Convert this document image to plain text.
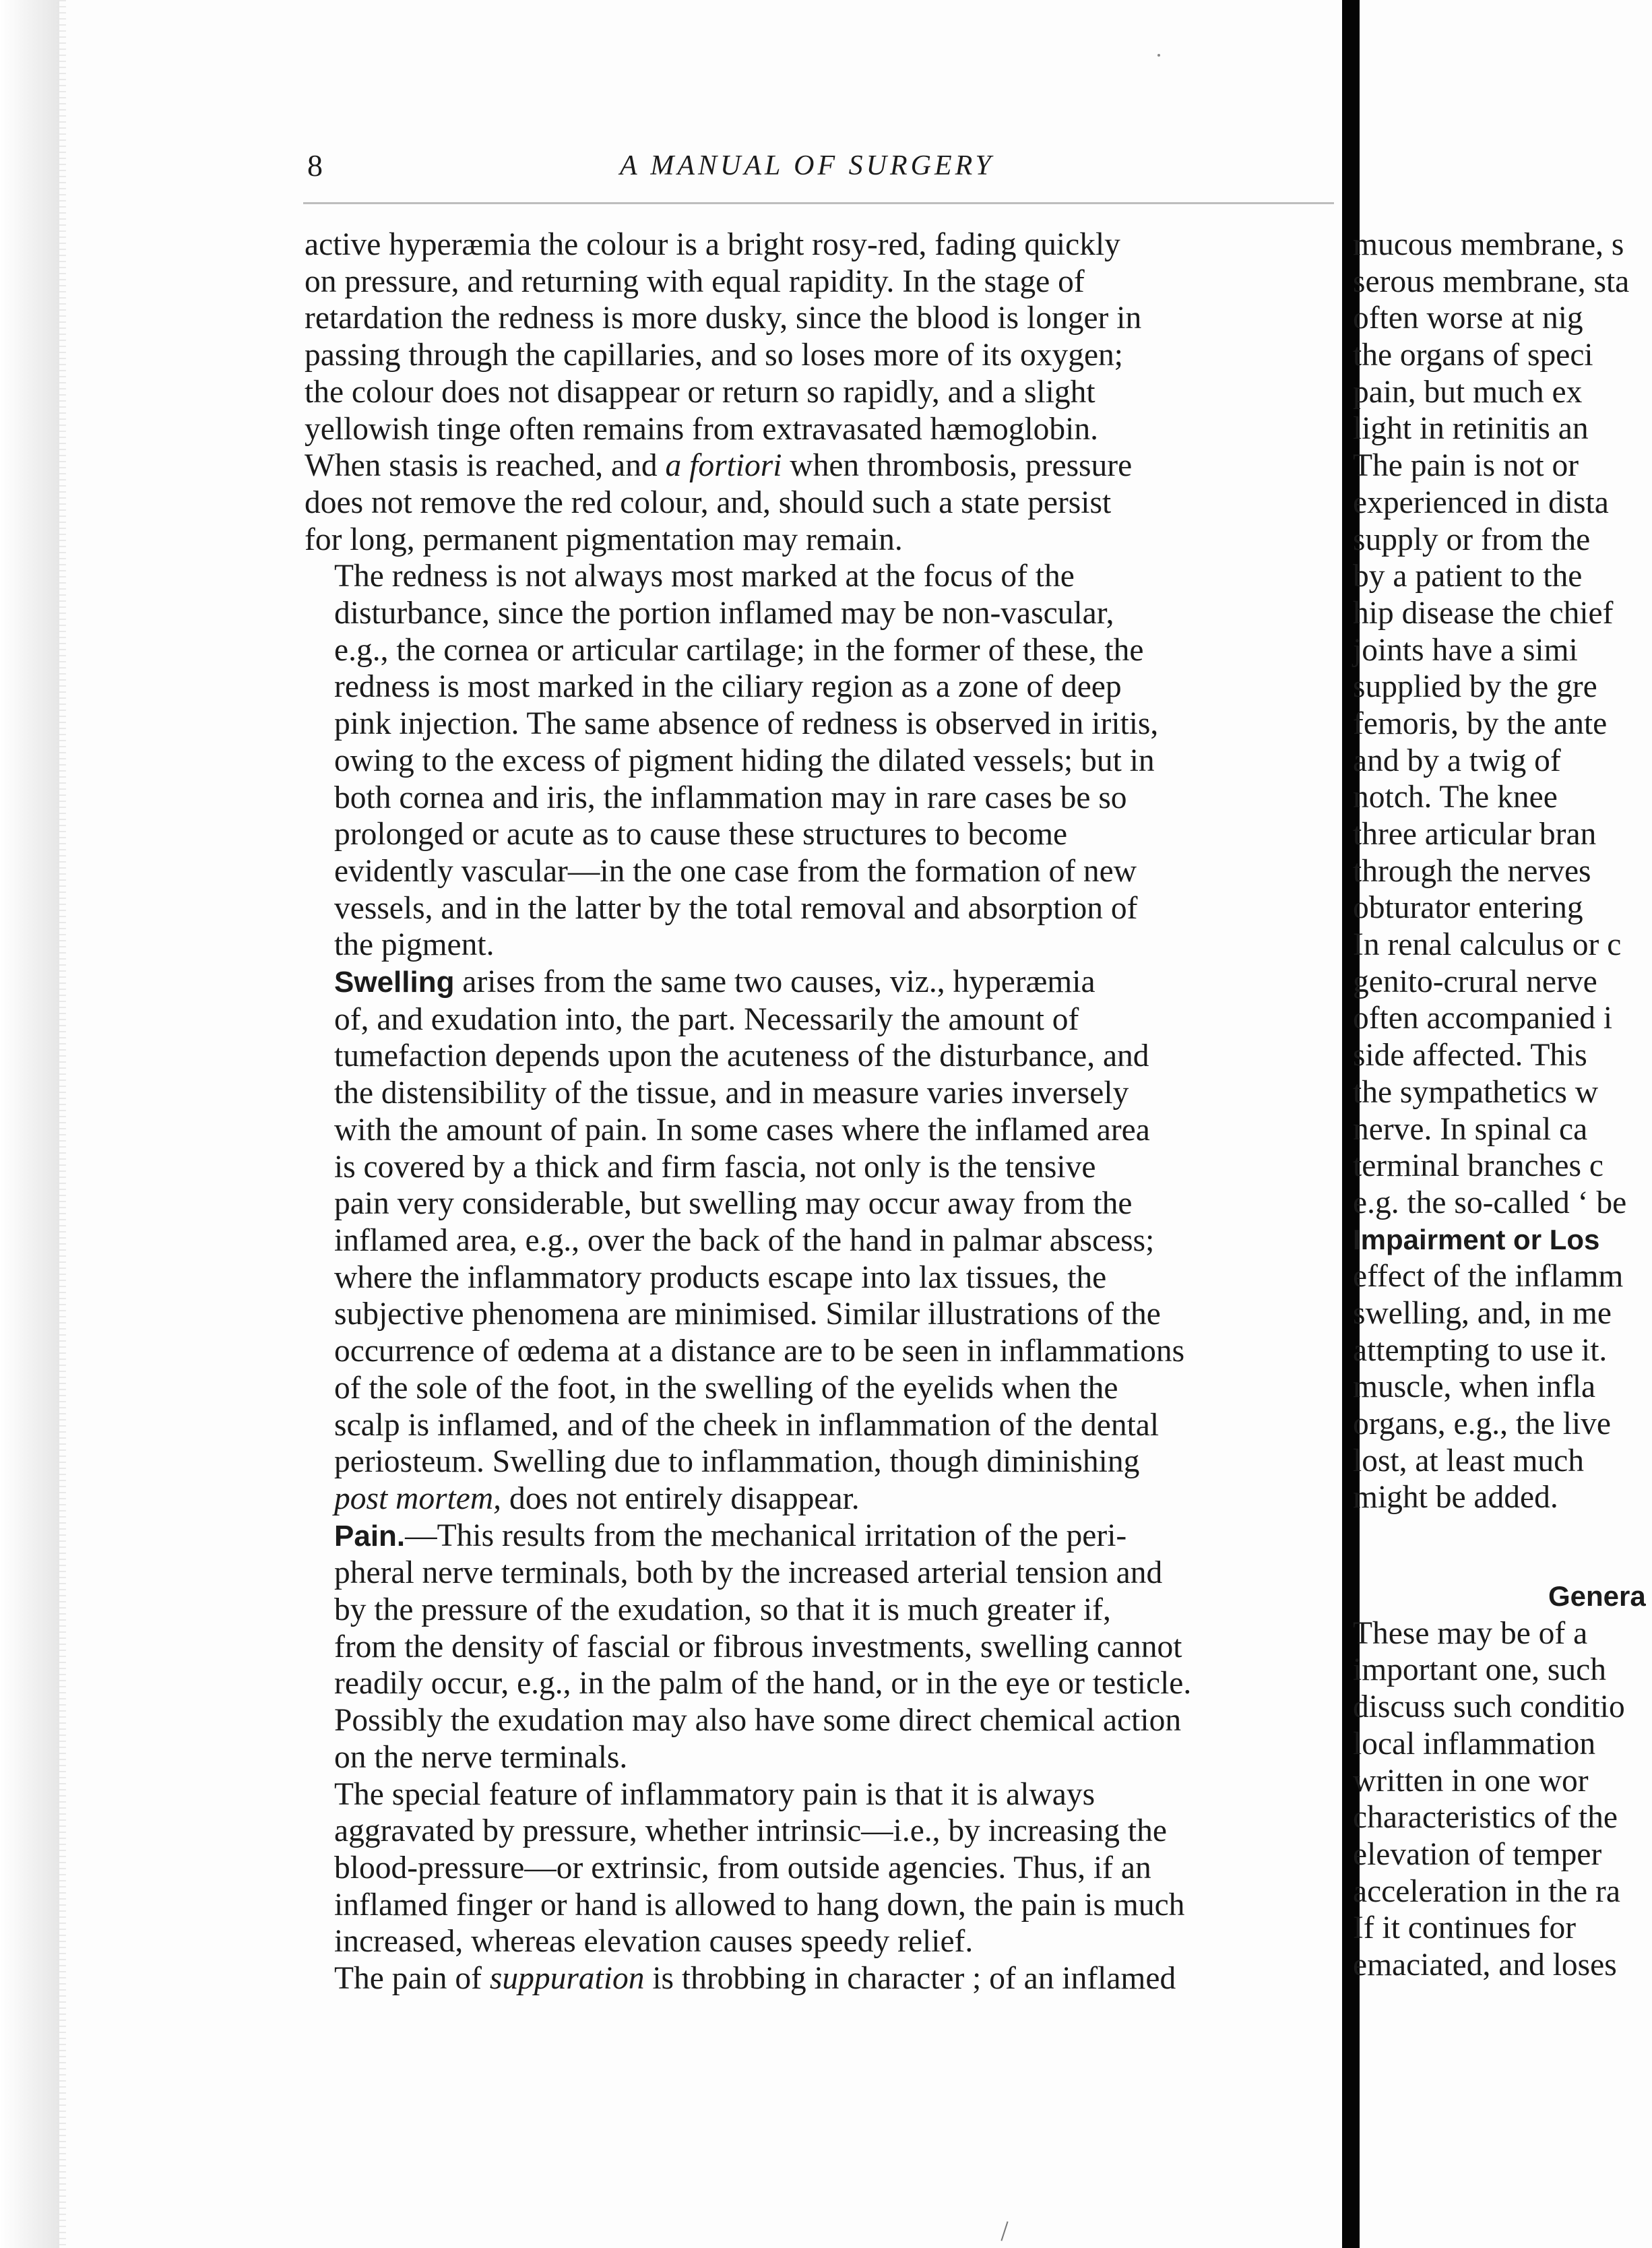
8	A MANUAL OF SURGERY

active hyperæmia the colour is a bright rosy-red, fading quickly
on pressure, and returning with equal rapidity. In the stage of
retardation the redness is more dusky, since the blood is longer in
passing through the capillaries, and so loses more of its oxygen;
the colour does not disappear or return so rapidly, and a slight
yellowish tinge often remains from extravasated hæmoglobin.
When stasis is reached, and a fortiori when thrombosis, pressure
does not remove the red colour, and, should such a state persist
for long, permanent pigmentation may remain.

The redness is not always most marked at the focus of the
disturbance, since the portion inflamed may be non-vascular,
e.g., the cornea or articular cartilage; in the former of these, the
redness is most marked in the ciliary region as a zone of deep
pink injection. The same absence of redness is observed in iritis,
owing to the excess of pigment hiding the dilated vessels; but in
both cornea and iris, the inflammation may in rare cases be so
prolonged or acute as to cause these structures to become
evidently vascular—in the one case from the formation of new
vessels, and in the latter by the total removal and absorption of
the pigment.

Swelling arises from the same two causes, viz., hyperæmia
of, and exudation into, the part. Necessarily the amount of
tumefaction depends upon the acuteness of the disturbance, and
the distensibility of the tissue, and in measure varies inversely
with the amount of pain. In some cases where the inflamed area
is covered by a thick and firm fascia, not only is the tensive
pain very considerable, but swelling may occur away from the
inflamed area, e.g., over the back of the hand in palmar abscess;
where the inflammatory products escape into lax tissues, the
subjective phenomena are minimised. Similar illustrations of the
occurrence of œdema at a distance are to be seen in inflammations
of the sole of the foot, in the swelling of the eyelids when the
scalp is inflamed, and of the cheek in inflammation of the dental
periosteum. Swelling due to inflammation, though diminishing
post mortem, does not entirely disappear.

Pain.—This results from the mechanical irritation of the peri-
pheral nerve terminals, both by the increased arterial tension and
by the pressure of the exudation, so that it is much greater if,
from the density of fascial or fibrous investments, swelling cannot
readily occur, e.g., in the palm of the hand, or in the eye or testicle.
Possibly the exudation may also have some direct chemical action
on the nerve terminals.

The special feature of inflammatory pain is that it is always
aggravated by pressure, whether intrinsic—i.e., by increasing the
blood-pressure—or extrinsic, from outside agencies. Thus, if an
inflamed finger or hand is allowed to hang down, the pain is much
increased, whereas elevation causes speedy relief.

The pain of suppuration is throbbing in character ; of an inflamed

mucous membrane, s
serous membrane, sta
often worse at nig
the organs of speci
pain, but much ex
light in retinitis an
The pain is not or
experienced in dista
supply or from the
by a patient to the
hip disease the chief
joints have a simi
supplied by the gre
femoris, by the ante
and by a twig of
notch. The knee
three articular bran
through the nerves
obturator entering
In renal calculus or c
genito-crural nerve
often accompanied i
side affected. This
the sympathetics w
nerve. In spinal ca
terminal branches c
e.g. the so-called ‘ be
Impairment or Los
effect of the inflamm
swelling, and, in me
attempting to use it.
muscle, when infla
organs, e.g., the live
lost, at least much
might be added.
Genera
These may be of a
important one, such
discuss such conditio
local inflammation
written in one wor
characteristics of the
elevation of temper
acceleration in the ra
If it continues for
emaciated, and loses
